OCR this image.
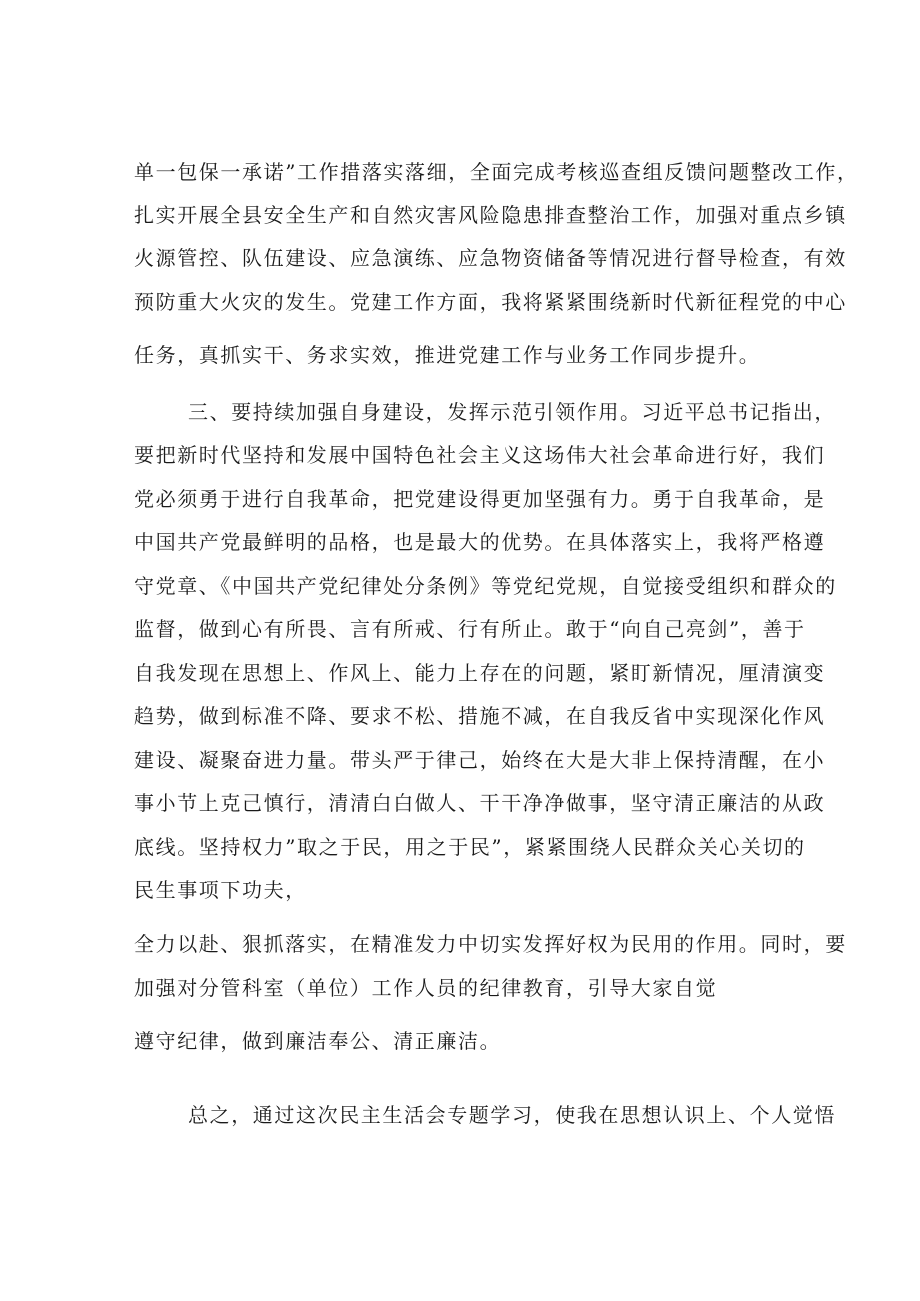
单一包保一承诺”工作措落实落细，全面完成考核巡查组反馈问题整改工作，

扎实开展全县安全生产和自然灾害风险隐患排查整治工作，加强对重点乡镇

火源管控、队伍建设、应急演练、应急物资储备等情况进行督导检查，有效

预防重大火灾的发生。党建工作方面，我将紧紧围绕新时代新征程党的中心

任务，真抓实干、务求实效，推进党建工作与业务工作同步提升。

三、要持续加强自身建设，发挥示范引领作用。习近平总书记指出，

要把新时代坚持和发展中国特色社会主义这场伟大社会革命进行好，我们

党必须勇于进行自我革命，把党建设得更加坚强有力。勇于自我革命，是

中国共产党最鲜明的品格，也是最大的优势。在具体落实上，我将严格遵

守党章、《中国共产党纪律处分条例》等党纪党规，自觉接受组织和群众的

监督，做到心有所畏、言有所戒、行有所止。敢于“向自己亮剑”，善于

自我发现在思想上、作风上、能力上存在的问题，紧盯新情况，厘清演变

趋势，做到标准不降、要求不松、措施不减，在自我反省中实现深化作风

建设、凝聚奋进力量。带头严于律己，始终在大是大非上保持清醒，在小

事小节上克己慎行，清清白白做人、干干净净做事，坚守清正廉洁的从政

底线。坚持权力”取之于民，用之于民”，紧紧围绕人民群众关心关切的

民生事项下功夫，

全力以赴、狠抓落实，在精准发力中切实发挥好权为民用的作用。同时，要

加强对分管科室（单位）工作人员的纪律教育，引导大家自觉

遵守纪律，做到廉洁奉公、清正廉洁。

总之，通过这次民主生活会专题学习，使我在思想认识上、个人觉悟
